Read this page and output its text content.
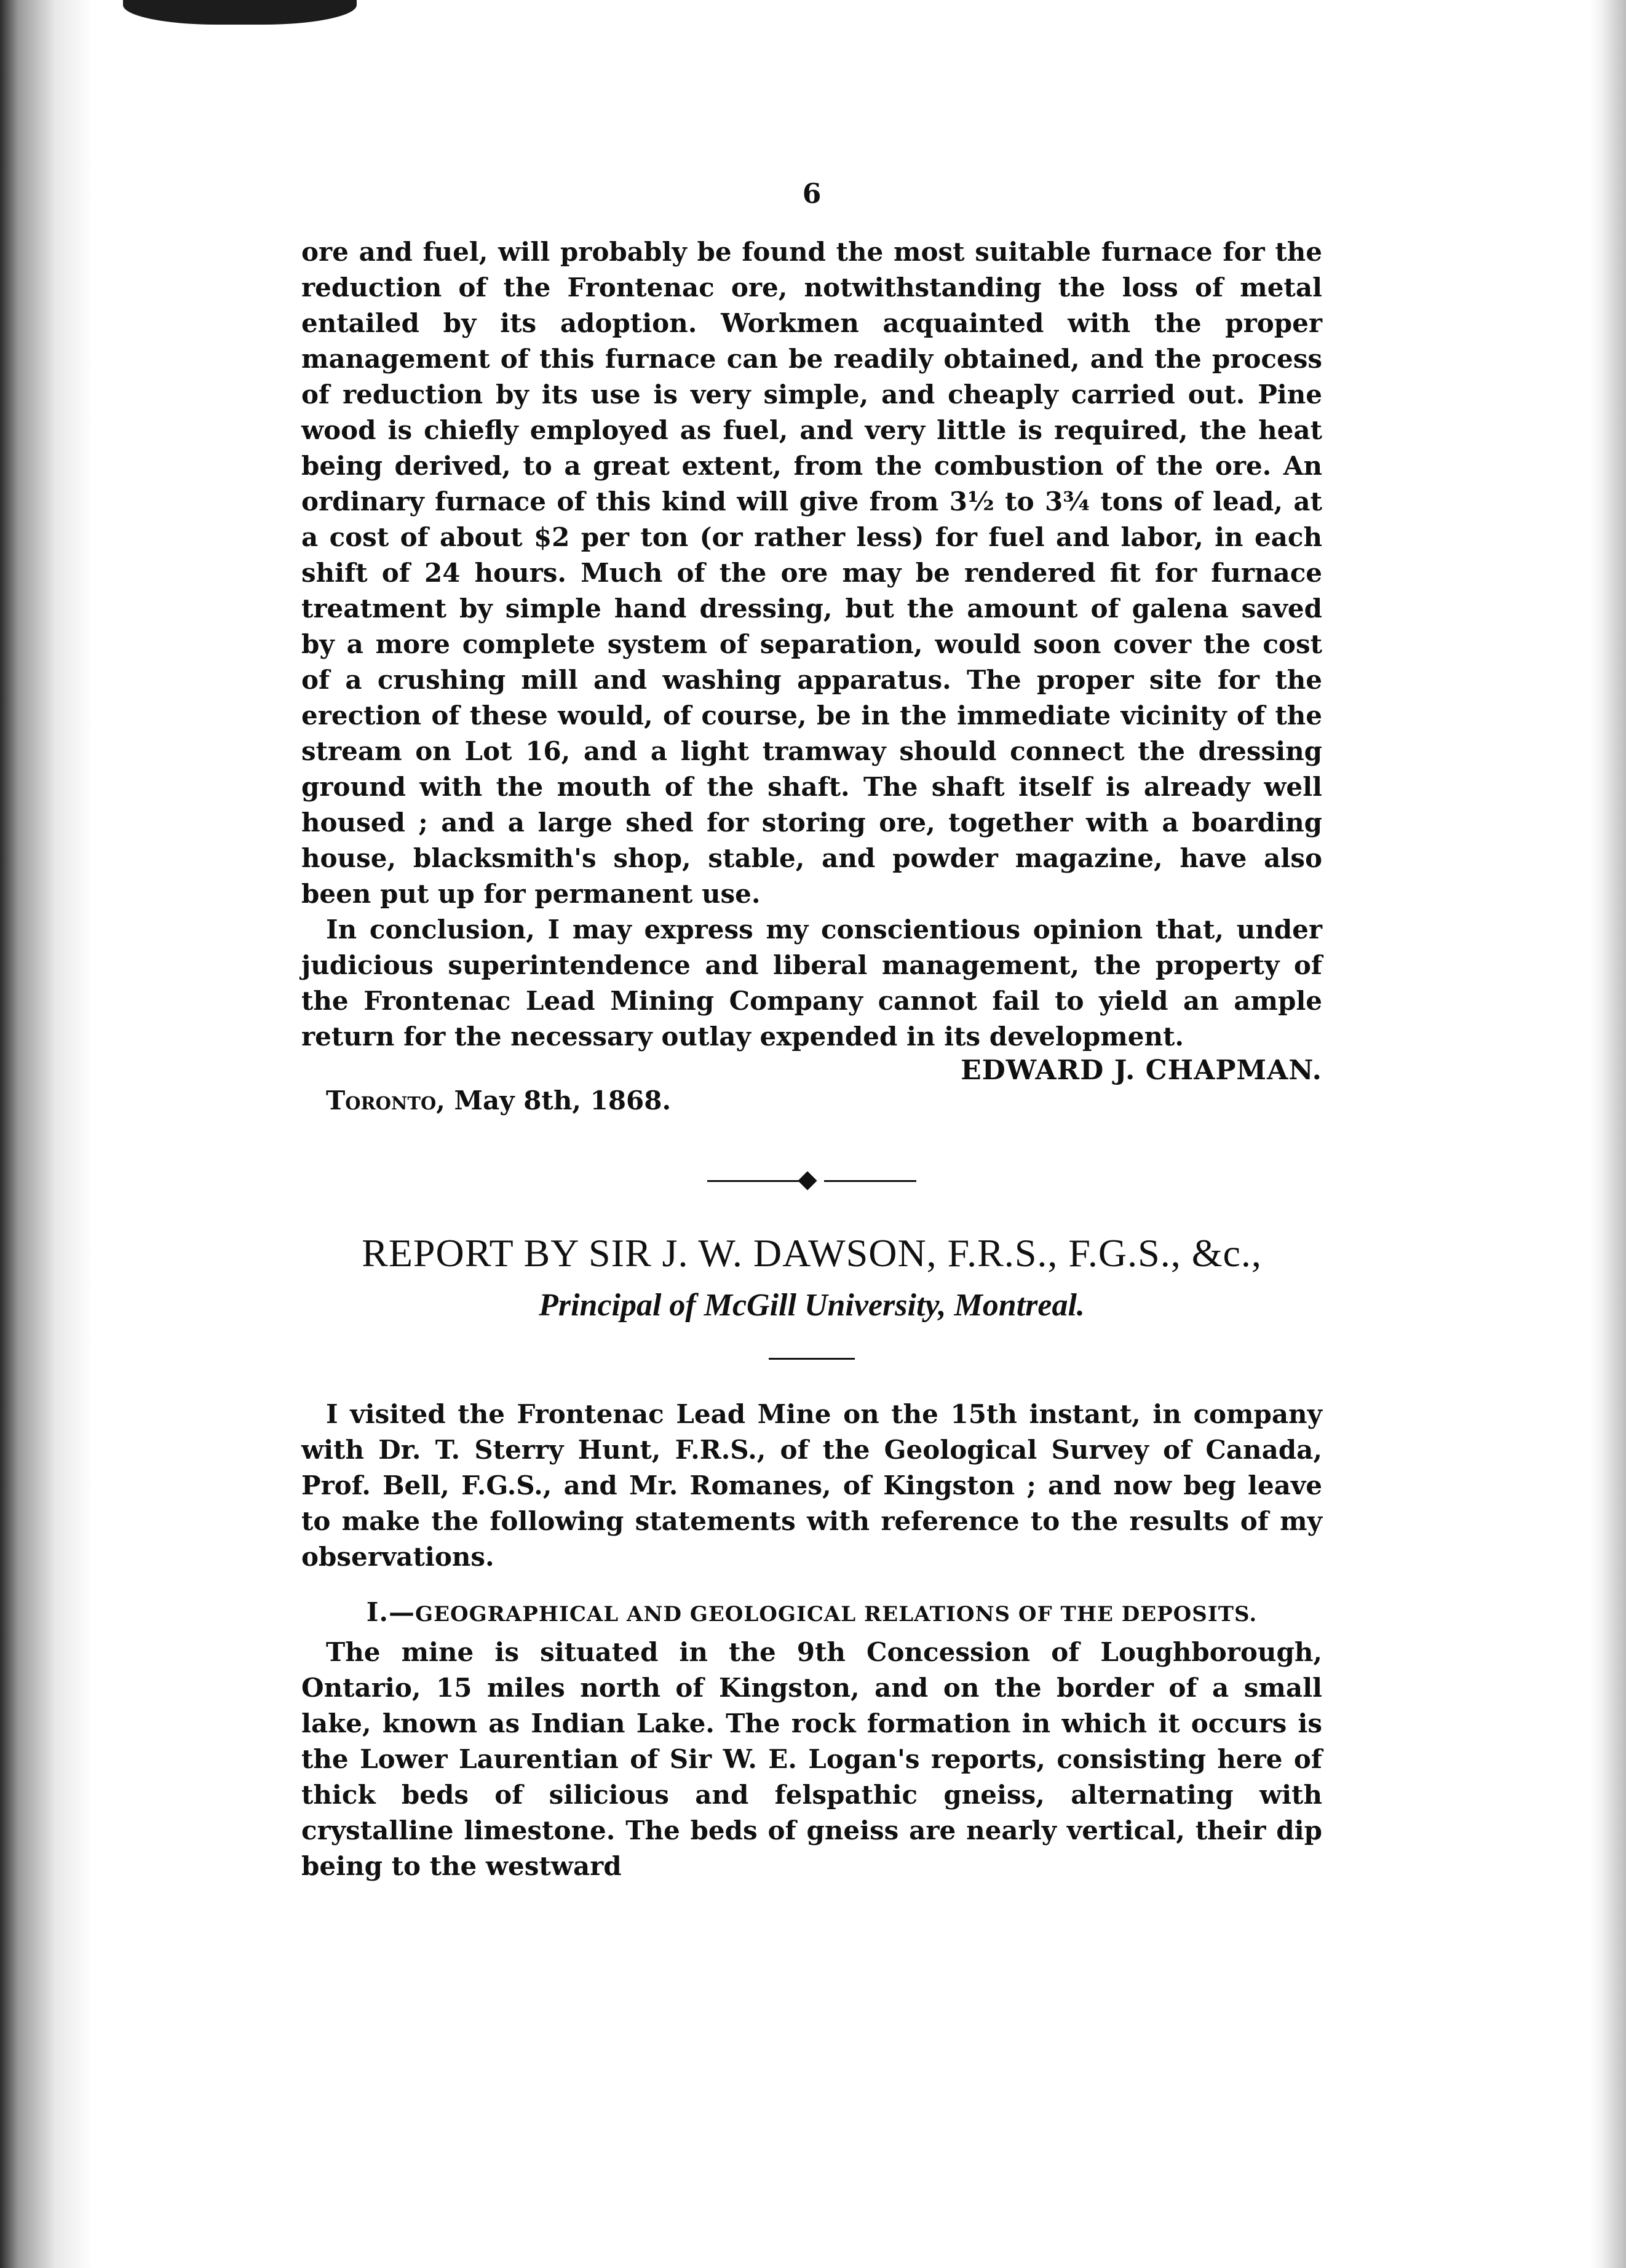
6

ore and fuel, will probably be found the most suitable furnace for the reduction of the Frontenac ore, notwithstanding the loss of metal entailed by its adoption. Workmen acquainted with the proper management of this furnace can be readily obtained, and the process of reduction by its use is very simple, and cheaply carried out. Pine wood is chiefly employed as fuel, and very little is required, the heat being derived, to a great extent, from the combustion of the ore. An ordinary furnace of this kind will give from 3½ to 3¾ tons of lead, at a cost of about $2 per ton (or rather less) for fuel and labor, in each shift of 24 hours. Much of the ore may be rendered fit for furnace treatment by simple hand dressing, but the amount of galena saved by a more complete system of separation, would soon cover the cost of a crushing mill and washing apparatus. The proper site for the erection of these would, of course, be in the immediate vicinity of the stream on Lot 16, and a light tramway should connect the dressing ground with the mouth of the shaft. The shaft itself is already well housed ; and a large shed for storing ore, together with a boarding house, blacksmith's shop, stable, and powder magazine, have also been put up for permanent use.

In conclusion, I may express my conscientious opinion that, under judicious superintendence and liberal management, the property of the Frontenac Lead Mining Company cannot fail to yield an ample return for the necessary outlay expended in its development.

EDWARD J. CHAPMAN.
Toronto, May 8th, 1868.
REPORT BY SIR J. W. DAWSON, F.R.S., F.G.S., &c.,
Principal of McGill University, Montreal.

I visited the Frontenac Lead Mine on the 15th instant, in company with Dr. T. Sterry Hunt, F.R.S., of the Geological Survey of Canada, Prof. Bell, F.G.S., and Mr. Romanes, of Kingston ; and now beg leave to make the following statements with reference to the results of my observations.

I.—GEOGRAPHICAL AND GEOLOGICAL RELATIONS OF THE DEPOSITS.

The mine is situated in the 9th Concession of Loughborough, Ontario, 15 miles north of Kingston, and on the border of a small lake, known as Indian Lake. The rock formation in which it occurs is the Lower Laurentian of Sir W. E. Logan's reports, consisting here of thick beds of silicious and felspathic gneiss, alternating with crystalline limestone. The beds of gneiss are nearly vertical, their dip being to the westward
